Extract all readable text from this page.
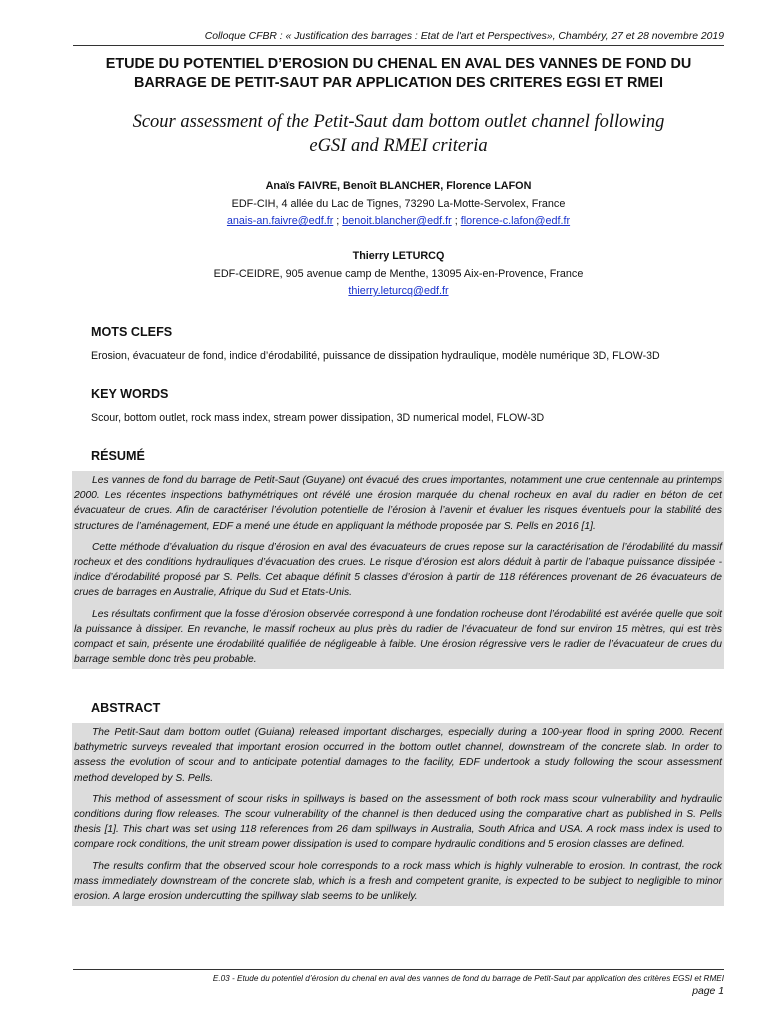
Colloque CFBR : « Justification des barrages : Etat de l'art et Perspectives», Chambéry, 27 et 28 novembre 2019
ETUDE DU POTENTIEL D’EROSION DU CHENAL EN AVAL DES VANNES DE FOND DU
BARRAGE DE PETIT-SAUT PAR APPLICATION DES CRITERES EGSI ET RMEI
Scour assessment of the Petit-Saut dam bottom outlet channel following
eGSI and RMEI criteria
Anaïs FAIVRE, Benoît BLANCHER, Florence LAFON
EDF-CIH, 4 allée du Lac de Tignes, 73290 La-Motte-Servolex, France
anais-an.faivre@edf.fr ; benoit.blancher@edf.fr ; florence-c.lafon@edf.fr
Thierry LETURCQ
EDF-CEIDRE, 905 avenue camp de Menthe, 13095 Aix-en-Provence, France
thierry.leturcq@edf.fr
MOTS CLEFS
Erosion, évacuateur de fond, indice d’érodabilité, puissance de dissipation hydraulique, modèle numérique 3D, FLOW-3D
KEY WORDS
Scour, bottom outlet, rock mass index, stream power dissipation, 3D numerical model, FLOW-3D
RÉSUMÉ

Les vannes de fond du barrage de Petit-Saut (Guyane) ont évacué des crues importantes, notamment une crue centennale au printemps 2000. Les récentes inspections bathymétriques ont révélé une érosion marquée du chenal rocheux en aval du radier en béton de cet évacuateur de crues. Afin de caractériser l’évolution potentielle de l’érosion à l’avenir et évaluer les risques éventuels pour la stabilité des structures de l’aménagement, EDF a mené une étude en appliquant la méthode proposée par S. Pells en 2016 [1].

Cette méthode d’évaluation du risque d’érosion en aval des évacuateurs de crues repose sur la caractérisation de l’érodabilité du massif rocheux et des conditions hydrauliques d’évacuation des crues. Le risque d’érosion est alors déduit à partir de l’abaque puissance dissipée - indice d’érodabilité proposé par S. Pells. Cet abaque définit 5 classes d’érosion à partir de 118 références provenant de 26 évacuateurs de crues de barrages en Australie, Afrique du Sud et Etats-Unis.

Les résultats confirment que la fosse d’érosion observée correspond à une fondation rocheuse dont l’érodabilité est avérée quelle que soit la puissance à dissiper. En revanche, le massif rocheux au plus près du radier de l’évacuateur de fond sur environ 15 mètres, qui est très compact et sain, présente une érodabilité qualifiée de négligeable à faible. Une érosion régressive vers le radier de l’évacuateur de crues du barrage semble donc très peu probable.

ABSTRACT

The Petit-Saut dam bottom outlet (Guiana) released important discharges, especially during a 100-year flood in spring 2000. Recent bathymetric surveys revealed that important erosion occurred in the bottom outlet channel, downstream of the concrete slab. In order to assess the evolution of scour and to anticipate potential damages to the facility, EDF undertook a study following the scour assessment method developed by S. Pells.

This method of assessment of scour risks in spillways is based on the assessment of both rock mass scour vulnerability and hydraulic conditions during flow releases. The scour vulnerability of the channel is then deduced using the comparative chart as published in S. Pells thesis [1]. This chart was set using 118 references from 26 dam spillways in Australia, South Africa and USA. A rock mass index is used to compare rock conditions, the unit stream power dissipation is used to compare hydraulic conditions and 5 erosion classes are defined.

The results confirm that the observed scour hole corresponds to a rock mass which is highly vulnerable to erosion. In contrast, the rock mass immediately downstream of the concrete slab, which is a fresh and competent granite, is expected to be subject to negligible to minor erosion. A large erosion undercutting the spillway slab seems to be unlikely.

E.03 - Etude du potentiel d’érosion du chenal en aval des vannes de fond du barrage de Petit-Saut par application des critères EGSI et RMEI
page 1
